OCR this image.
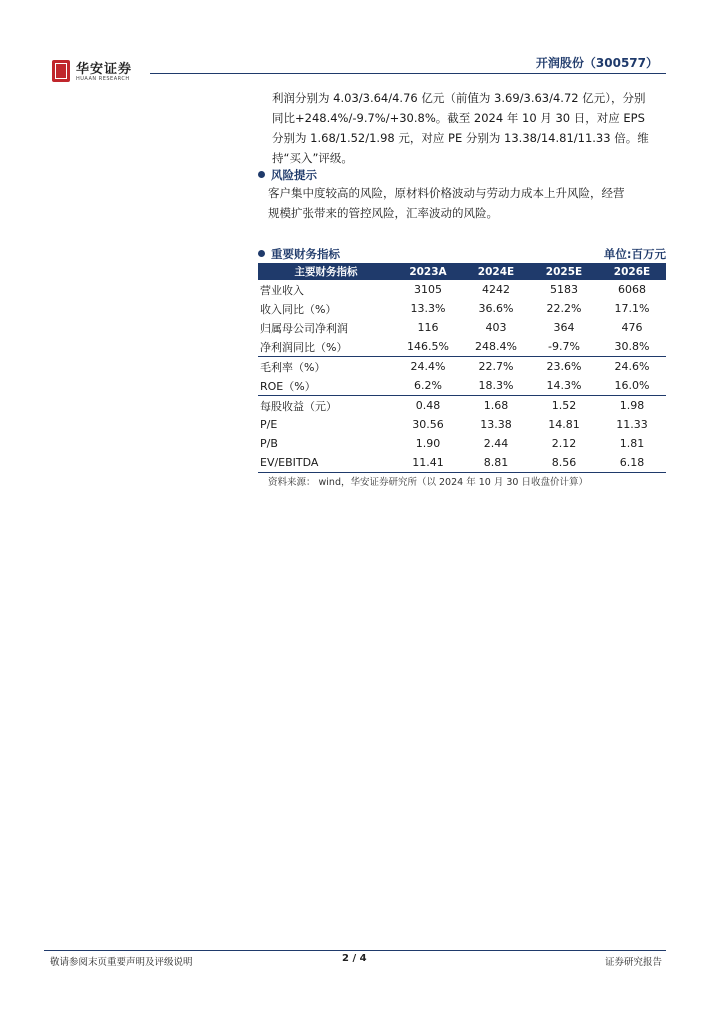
华安证券
HUAAN RESEARCH
开润股份（300577）

利润分别为 4.03/3.64/4.76 亿元（前值为 3.69/3.63/4.72 亿元），分别

同比+248.4%/-9.7%/+30.8%。截至 2024 年 10 月 30 日，对应 EPS

分别为 1.68/1.52/1.98 元，对应 PE 分别为 13.38/14.81/11.33 倍。维

持“买入”评级。

风险提示

客户集中度较高的风险，原材料价格波动与劳动力成本上升风险，经营

规模扩张带来的管控风险，汇率波动的风险。

重要财务指标	单位:百万元
主要财务指标	2023A	2024E	2025E	2026E
营业收入	3105	4242	5183	6068
收入同比（%）	13.3%	36.6%	22.2%	17.1%
归属母公司净利润	116	403	364	476
净利润同比（%）	146.5%	248.4%	-9.7%	30.8%
毛利率（%）	24.4%	22.7%	23.6%	24.6%
ROE（%）	6.2%	18.3%	14.3%	16.0%
每股收益（元）	0.48	1.68	1.52	1.98
P/E	30.56	13.38	14.81	11.33
P/B	1.90	2.44	2.12	1.81
EV/EBITDA	11.41	8.81	8.56	6.18
资料来源： wind，华安证券研究所（以 2024 年 10 月 30 日收盘价计算）
敬请参阅末页重要声明及评级说明	2 / 4	证券研究报告
